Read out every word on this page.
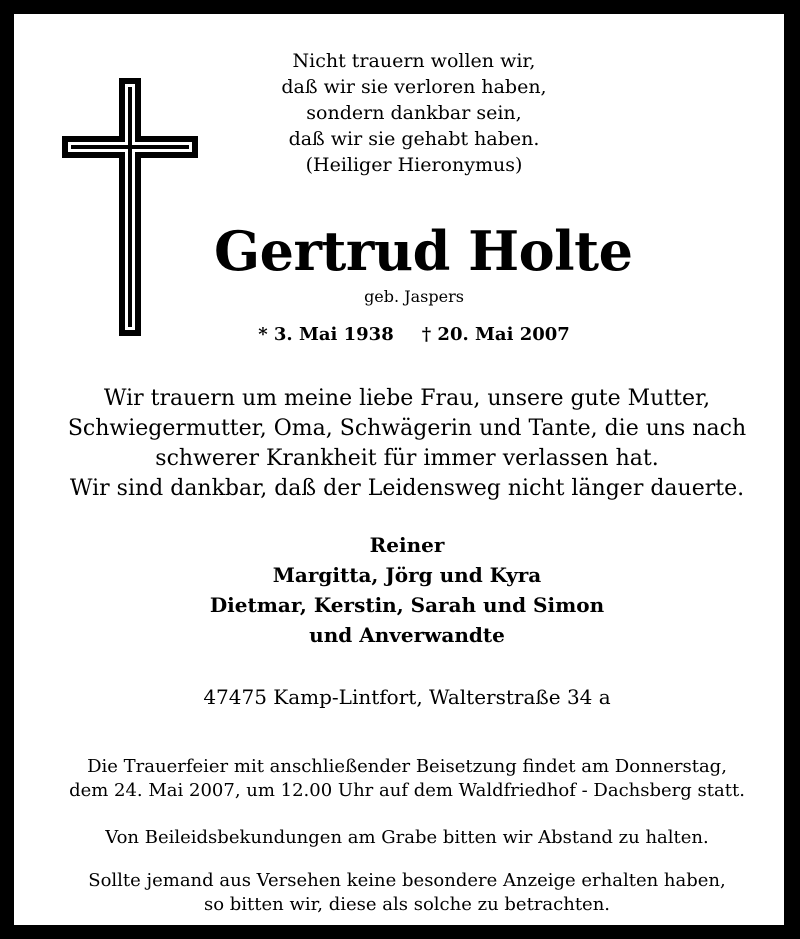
Nicht trauern wollen wir,
daß wir sie verloren haben,
sondern dankbar sein,
daß wir sie gehabt haben.
(Heiliger Hieronymus)
Gertrud Holte
geb. Jaspers
* 3. Mai 1938 † 20. Mai 2007
Wir trauern um meine liebe Frau, unsere gute Mutter,
Schwiegermutter, Oma, Schwägerin und Tante, die uns nach
schwerer Krankheit für immer verlassen hat.
Wir sind dankbar, daß der Leidensweg nicht länger dauerte.
Reiner
Margitta, Jörg und Kyra
Dietmar, Kerstin, Sarah und Simon
und Anverwandte
47475 Kamp-Lintfort, Walterstraße 34 a
Die Trauerfeier mit anschließender Beisetzung findet am Donnerstag,
dem 24. Mai 2007, um 12.00 Uhr auf dem Waldfriedhof - Dachsberg statt.
Von Beileidsbekundungen am Grabe bitten wir Abstand zu halten.
Sollte jemand aus Versehen keine besondere Anzeige erhalten haben,
so bitten wir, diese als solche zu betrachten.
